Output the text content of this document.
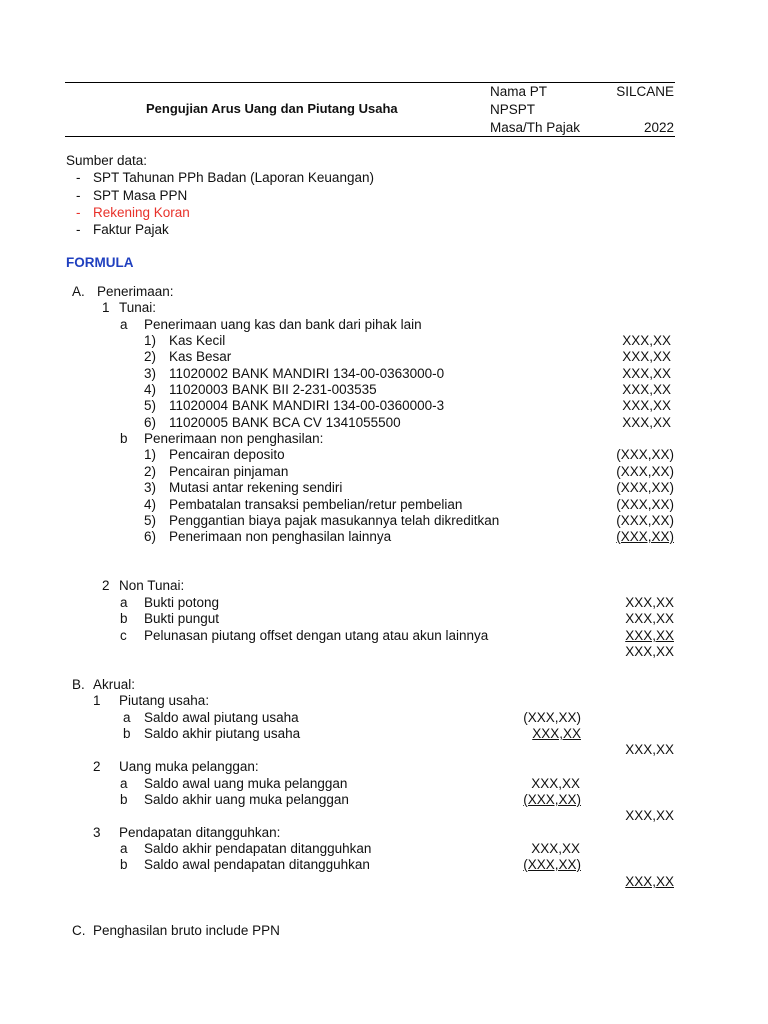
Pengujian Arus Uang dan Piutang Usaha
Nama PT	SILCANE
NPSPT
Masa/Th Pajak	2022
Sumber data:
- SPT Tahunan PPh Badan (Laporan Keuangan)
- SPT Masa PPN
- Rekening Koran
- Faktur Pajak
FORMULA
A. Penerimaan:
1 Tunai:
a Penerimaan uang kas dan bank dari pihak lain
1) Kas Kecil	XXX,XX
2) Kas Besar	XXX,XX
3) 11020002 BANK MANDIRI 134-00-0363000-0	XXX,XX
4) 11020003 BANK BII 2-231-003535	XXX,XX
5) 11020004 BANK MANDIRI 134-00-0360000-3	XXX,XX
6) 11020005 BANK BCA CV 1341055500	XXX,XX
b Penerimaan non penghasilan:
1) Pencairan deposito	(XXX,XX)
2) Pencairan pinjaman	(XXX,XX)
3) Mutasi antar rekening sendiri	(XXX,XX)
4) Pembatalan transaksi pembelian/retur pembelian	(XXX,XX)
5) Penggantian biaya pajak masukannya telah dikreditkan	(XXX,XX)
6) Penerimaan non penghasilan lainnya	(XXX,XX)
2 Non Tunai:
a Bukti potong	XXX,XX
b Bukti pungut	XXX,XX
c Pelunasan piutang offset dengan utang atau akun lainnya	XXX,XX
XXX,XX
B. Akrual:
1 Piutang usaha:
a Saldo awal piutang usaha	(XXX,XX)
b Saldo akhir piutang usaha	XXX,XX
XXX,XX
2 Uang muka pelanggan:
a Saldo awal uang muka pelanggan	XXX,XX
b Saldo akhir uang muka pelanggan	(XXX,XX)
XXX,XX
3 Pendapatan ditangguhkan:
a Saldo akhir pendapatan ditangguhkan	XXX,XX
b Saldo awal pendapatan ditangguhkan	(XXX,XX)
XXX,XX
C. Penghasilan bruto include PPN
